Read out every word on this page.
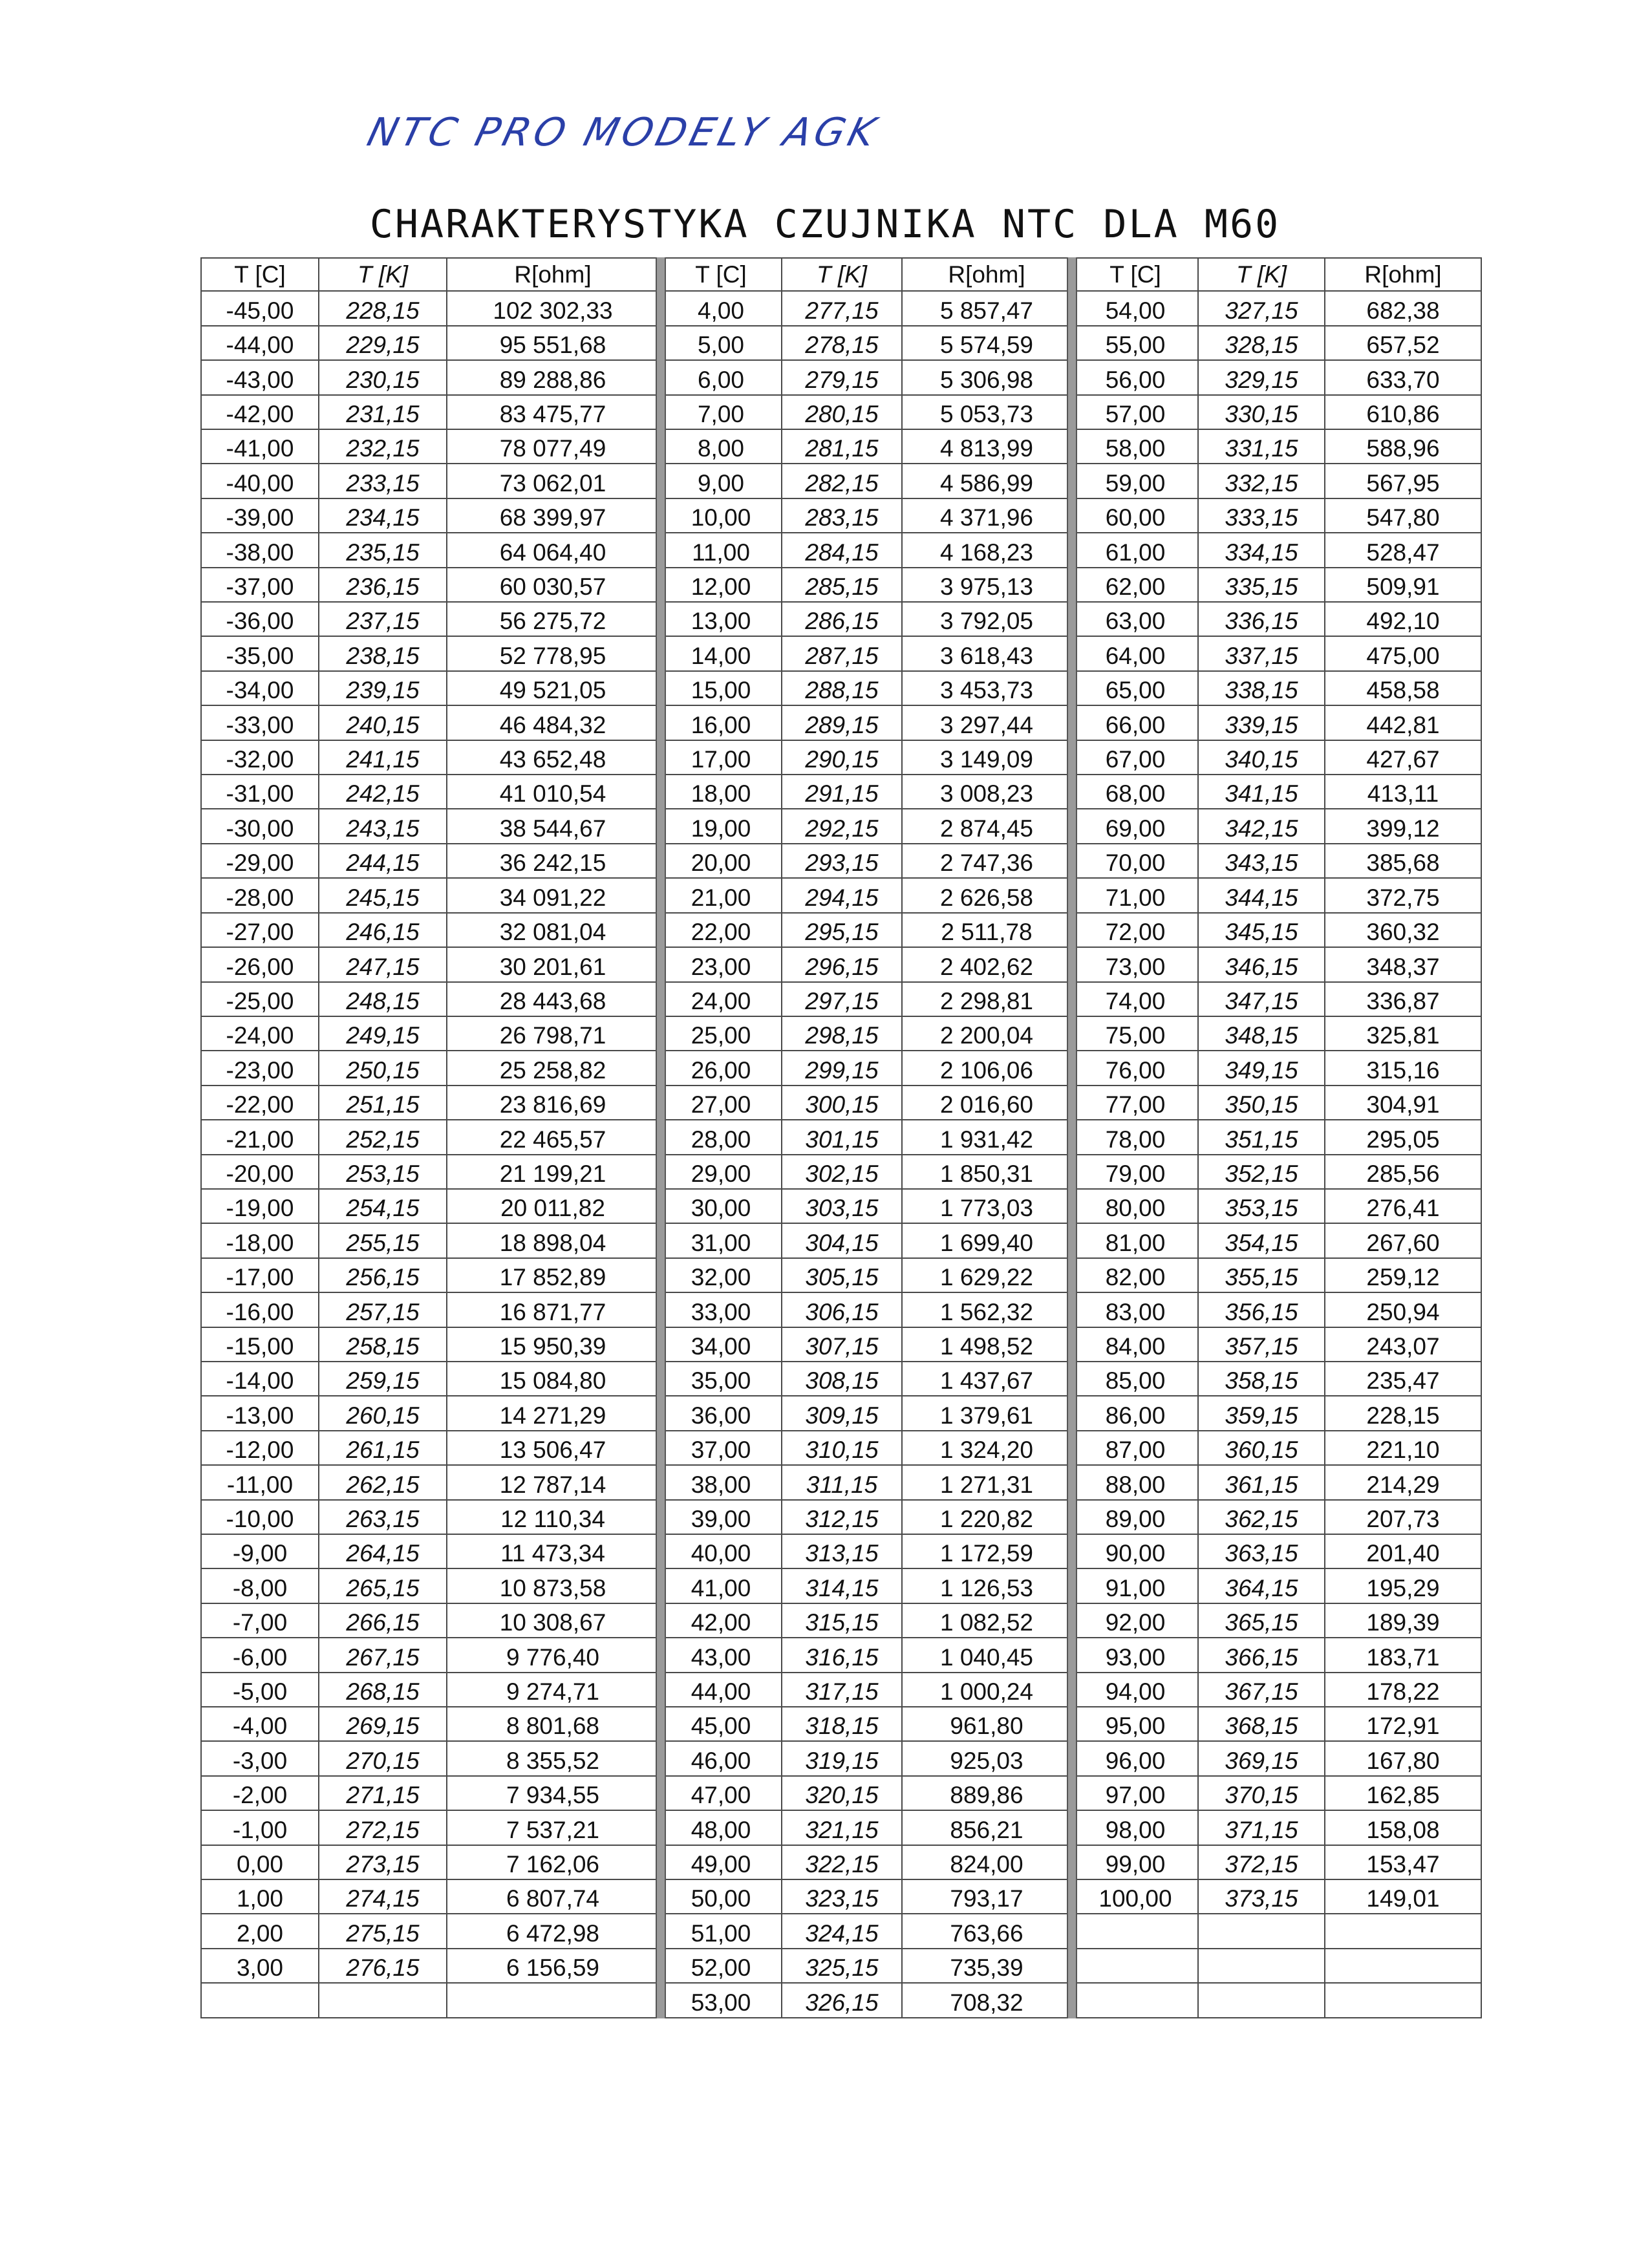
NTC PRO MODELY AGK
CHARAKTERYSTYKA CZUJNIKA NTC DLA M60
T [C]	T [K]	R[ohm]
-45,00	228,15	102 302,33
-44,00	229,15	95 551,68
-43,00	230,15	89 288,86
-42,00	231,15	83 475,77
-41,00	232,15	78 077,49
-40,00	233,15	73 062,01
-39,00	234,15	68 399,97
-38,00	235,15	64 064,40
-37,00	236,15	60 030,57
-36,00	237,15	56 275,72
-35,00	238,15	52 778,95
-34,00	239,15	49 521,05
-33,00	240,15	46 484,32
-32,00	241,15	43 652,48
-31,00	242,15	41 010,54
-30,00	243,15	38 544,67
-29,00	244,15	36 242,15
-28,00	245,15	34 091,22
-27,00	246,15	32 081,04
-26,00	247,15	30 201,61
-25,00	248,15	28 443,68
-24,00	249,15	26 798,71
-23,00	250,15	25 258,82
-22,00	251,15	23 816,69
-21,00	252,15	22 465,57
-20,00	253,15	21 199,21
-19,00	254,15	20 011,82
-18,00	255,15	18 898,04
-17,00	256,15	17 852,89
-16,00	257,15	16 871,77
-15,00	258,15	15 950,39
-14,00	259,15	15 084,80
-13,00	260,15	14 271,29
-12,00	261,15	13 506,47
-11,00	262,15	12 787,14
-10,00	263,15	12 110,34
-9,00	264,15	11 473,34
-8,00	265,15	10 873,58
-7,00	266,15	10 308,67
-6,00	267,15	9 776,40
-5,00	268,15	9 274,71
-4,00	269,15	8 801,68
-3,00	270,15	8 355,52
-2,00	271,15	7 934,55
-1,00	272,15	7 537,21
0,00	273,15	7 162,06
1,00	274,15	6 807,74
2,00	275,15	6 472,98
3,00	276,15	6 156,59

T [C]	T [K]	R[ohm]
4,00	277,15	5 857,47
5,00	278,15	5 574,59
6,00	279,15	5 306,98
7,00	280,15	5 053,73
8,00	281,15	4 813,99
9,00	282,15	4 586,99
10,00	283,15	4 371,96
11,00	284,15	4 168,23
12,00	285,15	3 975,13
13,00	286,15	3 792,05
14,00	287,15	3 618,43
15,00	288,15	3 453,73
16,00	289,15	3 297,44
17,00	290,15	3 149,09
18,00	291,15	3 008,23
19,00	292,15	2 874,45
20,00	293,15	2 747,36
21,00	294,15	2 626,58
22,00	295,15	2 511,78
23,00	296,15	2 402,62
24,00	297,15	2 298,81
25,00	298,15	2 200,04
26,00	299,15	2 106,06
27,00	300,15	2 016,60
28,00	301,15	1 931,42
29,00	302,15	1 850,31
30,00	303,15	1 773,03
31,00	304,15	1 699,40
32,00	305,15	1 629,22
33,00	306,15	1 562,32
34,00	307,15	1 498,52
35,00	308,15	1 437,67
36,00	309,15	1 379,61
37,00	310,15	1 324,20
38,00	311,15	1 271,31
39,00	312,15	1 220,82
40,00	313,15	1 172,59
41,00	314,15	1 126,53
42,00	315,15	1 082,52
43,00	316,15	1 040,45
44,00	317,15	1 000,24
45,00	318,15	961,80
46,00	319,15	925,03
47,00	320,15	889,86
48,00	321,15	856,21
49,00	322,15	824,00
50,00	323,15	793,17
51,00	324,15	763,66
52,00	325,15	735,39
53,00	326,15	708,32
T [C]	T [K]	R[ohm]
54,00	327,15	682,38
55,00	328,15	657,52
56,00	329,15	633,70
57,00	330,15	610,86
58,00	331,15	588,96
59,00	332,15	567,95
60,00	333,15	547,80
61,00	334,15	528,47
62,00	335,15	509,91
63,00	336,15	492,10
64,00	337,15	475,00
65,00	338,15	458,58
66,00	339,15	442,81
67,00	340,15	427,67
68,00	341,15	413,11
69,00	342,15	399,12
70,00	343,15	385,68
71,00	344,15	372,75
72,00	345,15	360,32
73,00	346,15	348,37
74,00	347,15	336,87
75,00	348,15	325,81
76,00	349,15	315,16
77,00	350,15	304,91
78,00	351,15	295,05
79,00	352,15	285,56
80,00	353,15	276,41
81,00	354,15	267,60
82,00	355,15	259,12
83,00	356,15	250,94
84,00	357,15	243,07
85,00	358,15	235,47
86,00	359,15	228,15
87,00	360,15	221,10
88,00	361,15	214,29
89,00	362,15	207,73
90,00	363,15	201,40
91,00	364,15	195,29
92,00	365,15	189,39
93,00	366,15	183,71
94,00	367,15	178,22
95,00	368,15	172,91
96,00	369,15	167,80
97,00	370,15	162,85
98,00	371,15	158,08
99,00	372,15	153,47
100,00	373,15	149,01
